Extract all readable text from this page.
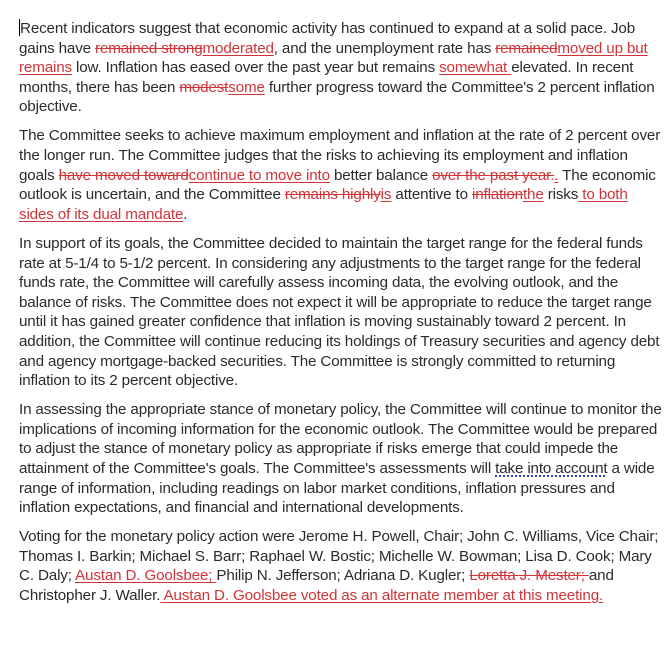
Recent indicators suggest that economic activity has continued to expand at a solid pace. Job gains have remained strongmoderated, and the unemployment rate has remainedmoved up but remains low. Inflation has eased over the past year but remains somewhat elevated. In recent months, there has been modestsome further progress toward the Committee's 2 percent inflation objective.

The Committee seeks to achieve maximum employment and inflation at the rate of 2 percent over the longer run. The Committee judges that the risks to achieving its employment and inflation goals have moved towardcontinue to move into better balance over the past year.. The economic outlook is uncertain, and the Committee remains highlyis attentive to inflationthe risks to both sides of its dual mandate.

In support of its goals, the Committee decided to maintain the target range for the federal funds rate at 5-1/4 to 5-1/2 percent. In considering any adjustments to the target range for the federal funds rate, the Committee will carefully assess incoming data, the evolving outlook, and the balance of risks. The Committee does not expect it will be appropriate to reduce the target range until it has gained greater confidence that inflation is moving sustainably toward 2 percent. In addition, the Committee will continue reducing its holdings of Treasury securities and agency debt and agency mortgage-backed securities. The Committee is strongly committed to returning inflation to its 2 percent objective.

In assessing the appropriate stance of monetary policy, the Committee will continue to monitor the implications of incoming information for the economic outlook. The Committee would be prepared to adjust the stance of monetary policy as appropriate if risks emerge that could impede the attainment of the Committee's goals. The Committee's assessments will take into account a wide range of information, including readings on labor market conditions, inflation pressures and inflation expectations, and financial and international developments.

Voting for the monetary policy action were Jerome H. Powell, Chair; John C. Williams, Vice Chair; Thomas I. Barkin; Michael S. Barr; Raphael W. Bostic; Michelle W. Bowman; Lisa D. Cook; Mary C. Daly; Austan D. Goolsbee; Philip N. Jefferson; Adriana D. Kugler; Loretta J. Mester; and Christopher J. Waller. Austan D. Goolsbee voted as an alternate member at this meeting.
